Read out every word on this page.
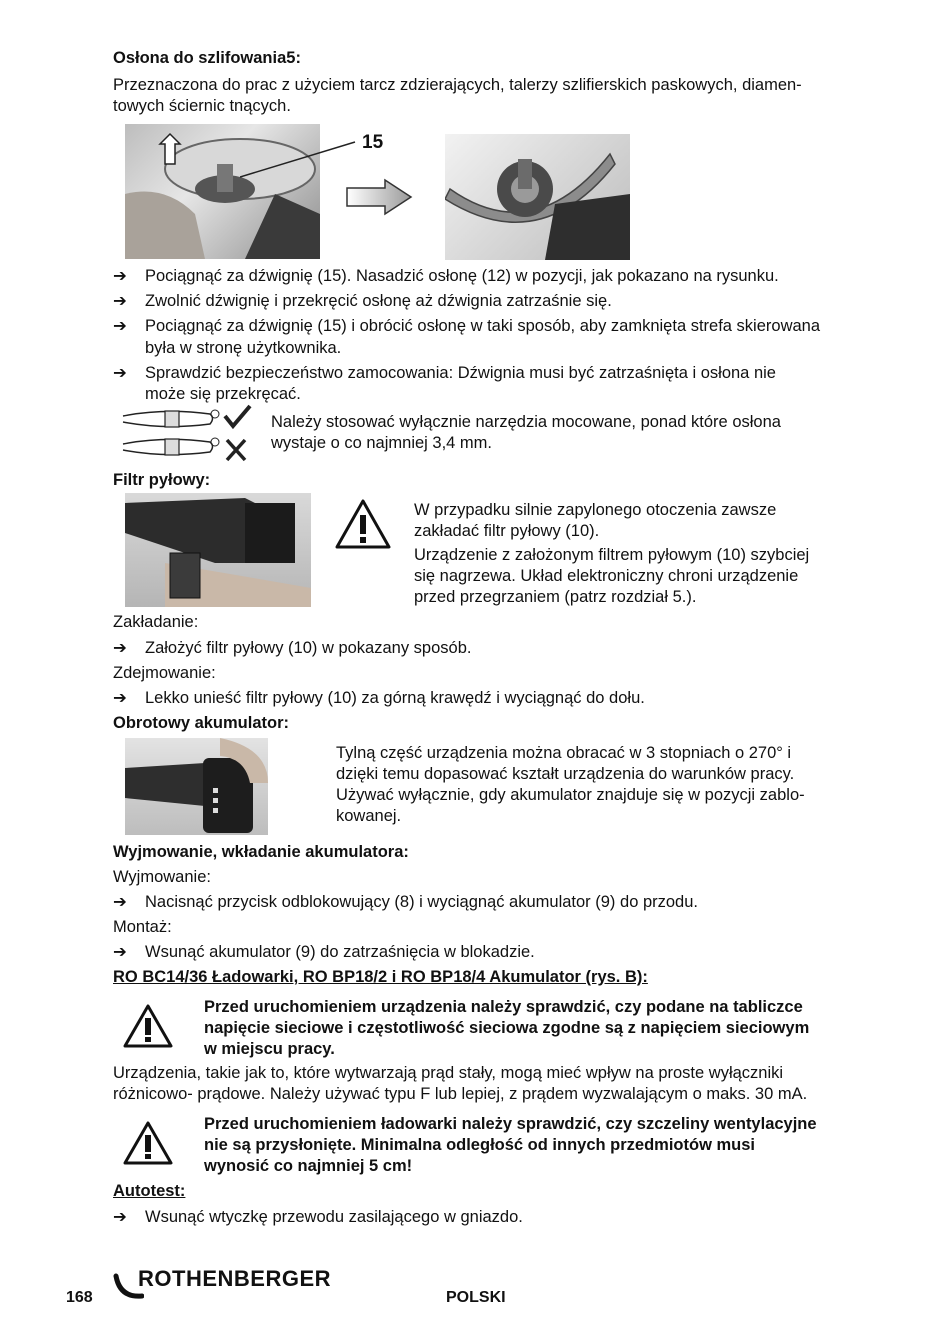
Osłona do szlifowania5:
Przeznaczona do prac z użyciem tarcz zdzierających, talerzy szlifierskich paskowych, diamen-
towych ściernic tnących.
15
➔	Pociągnąć za dźwignię (15). Nasadzić osłonę (12) w pozycji, jak pokazano na rysunku.
➔	Zwolnić dźwignię i przekręcić osłonę aż dźwignia zatrzaśnie się.
➔	Pociągnąć za dźwignię (15) i obrócić osłonę w taki sposób, aby zamknięta strefa skierowana
była w stronę użytkownika.
➔	Sprawdzić bezpieczeństwo zamocowania: Dźwignia musi być zatrzaśnięta i osłona nie
może się przekręcać.
Należy stosować wyłącznie narzędzia mocowane, ponad które osłona
wystaje o co najmniej 3,4 mm.
Filtr pyłowy:
W przypadku silnie zapylonego otoczenia zawsze
zakładać filtr pyłowy (10).
Urządzenie z założonym filtrem pyłowym (10) szybciej
się nagrzewa. Układ elektroniczny chroni urządzenie
przed przegrzaniem (patrz rozdział 5.).
Zakładanie:
➔	Założyć filtr pyłowy (10) w pokazany sposób.
Zdejmowanie:
➔	Lekko unieść filtr pyłowy (10) za górną krawędź i wyciągnąć do dołu.
Obrotowy akumulator:
Tylną część urządzenia można obracać w 3 stopniach o 270° i
dzięki temu dopasować kształt urządzenia do warunków pracy.
Używać wyłącznie, gdy akumulator znajduje się w pozycji zablo-
kowanej.
Wyjmowanie, wkładanie akumulatora:
Wyjmowanie:
➔	Nacisnąć przycisk odblokowujący (8) i wyciągnąć akumulator (9) do przodu.
Montaż:
➔	Wsunąć akumulator (9) do zatrzaśnięcia w blokadzie.
RO BC14/36 Ładowarki, RO BP18/2 i RO BP18/4 Akumulator (rys. B):
Przed uruchomieniem urządzenia należy sprawdzić, czy podane na tabliczce
napięcie sieciowe i częstotliwość sieciowa zgodne są z napięciem sieciowym
w miejscu pracy.
Urządzenia, takie jak to, które wytwarzają prąd stały, mogą mieć wpływ na proste wyłączniki
różnicowo- prądowe. Należy używać typu F lub lepiej, z prądem wyzwalającym o maks. 30 mA.
Przed uruchomieniem ładowarki należy sprawdzić, czy szczeliny wentylacyjne
nie są przysłonięte. Minimalna odległość od innych przedmiotów musi
wynosić co najmniej 5 cm!
Autotest:
➔	Wsunąć wtyczkę przewodu zasilającego w gniazdo.
168
ROTHENBERGER
POLSKI
